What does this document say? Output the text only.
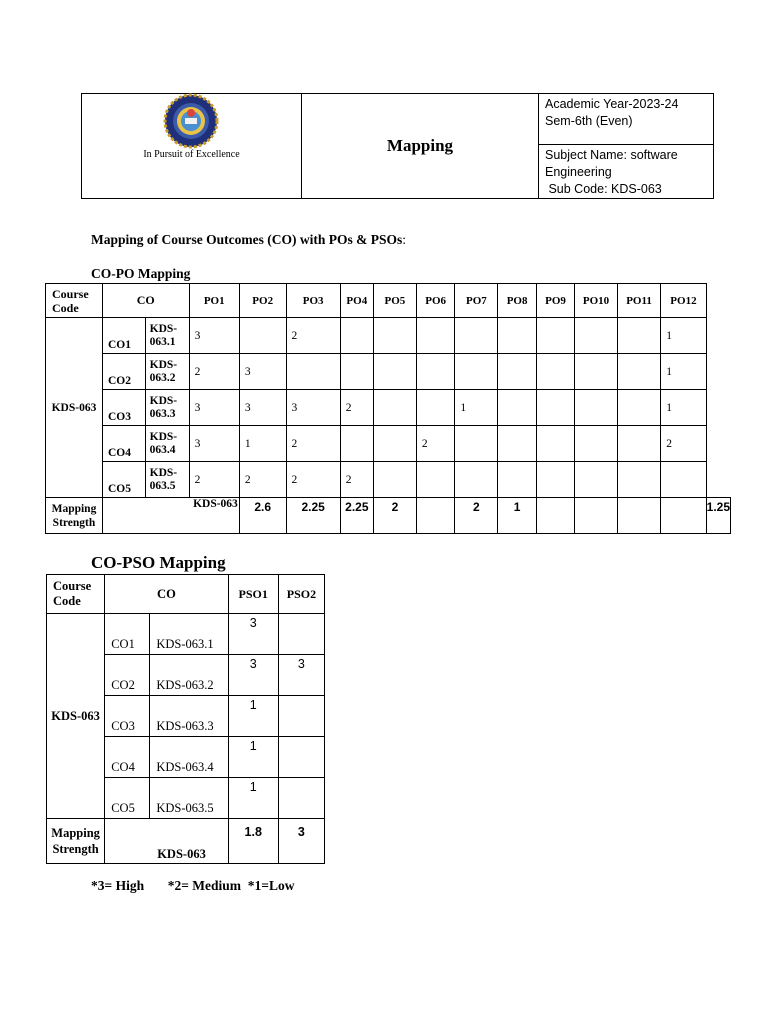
In Pursuit of Excellence	Mapping	
Academic Year-2023-24
Sem-6th (Even)

Subject Name: software
Engineering
Sub Code: KDS-063
Mapping of Course Outcomes (CO) with POs & PSOs:
CO-PO Mapping
Course Code	CO		PO1	PO2	PO3	PO4	PO5	PO6	PO7	PO8	PO9	PO10	PO11	PO12	
KDS-063	CO1	KDS-063.1	3		2									1	
	CO2	KDS-063.2	2	3										1	
	CO3	KDS-063.3	3	3	3	2			1					1	
	CO4	KDS-063.4	3	1	2			2						2	
	CO5	KDS-063.5	2	2	2	2									
Mapping Strength			KDS-063	2.6	2.25	2.25	2		2	1					1.25
CO-PSO Mapping
Course Code	CO		PSO1	PSO2
KDS-063	CO1	KDS-063.1	3	
	CO2	KDS-063.2	3	3
	CO3	KDS-063.3	1	
	CO4	KDS-063.4	1	
	CO5	KDS-063.5	1	
Mapping Strength	KDS-063		1.8	3
*3= High *2= Medium *1=Low
